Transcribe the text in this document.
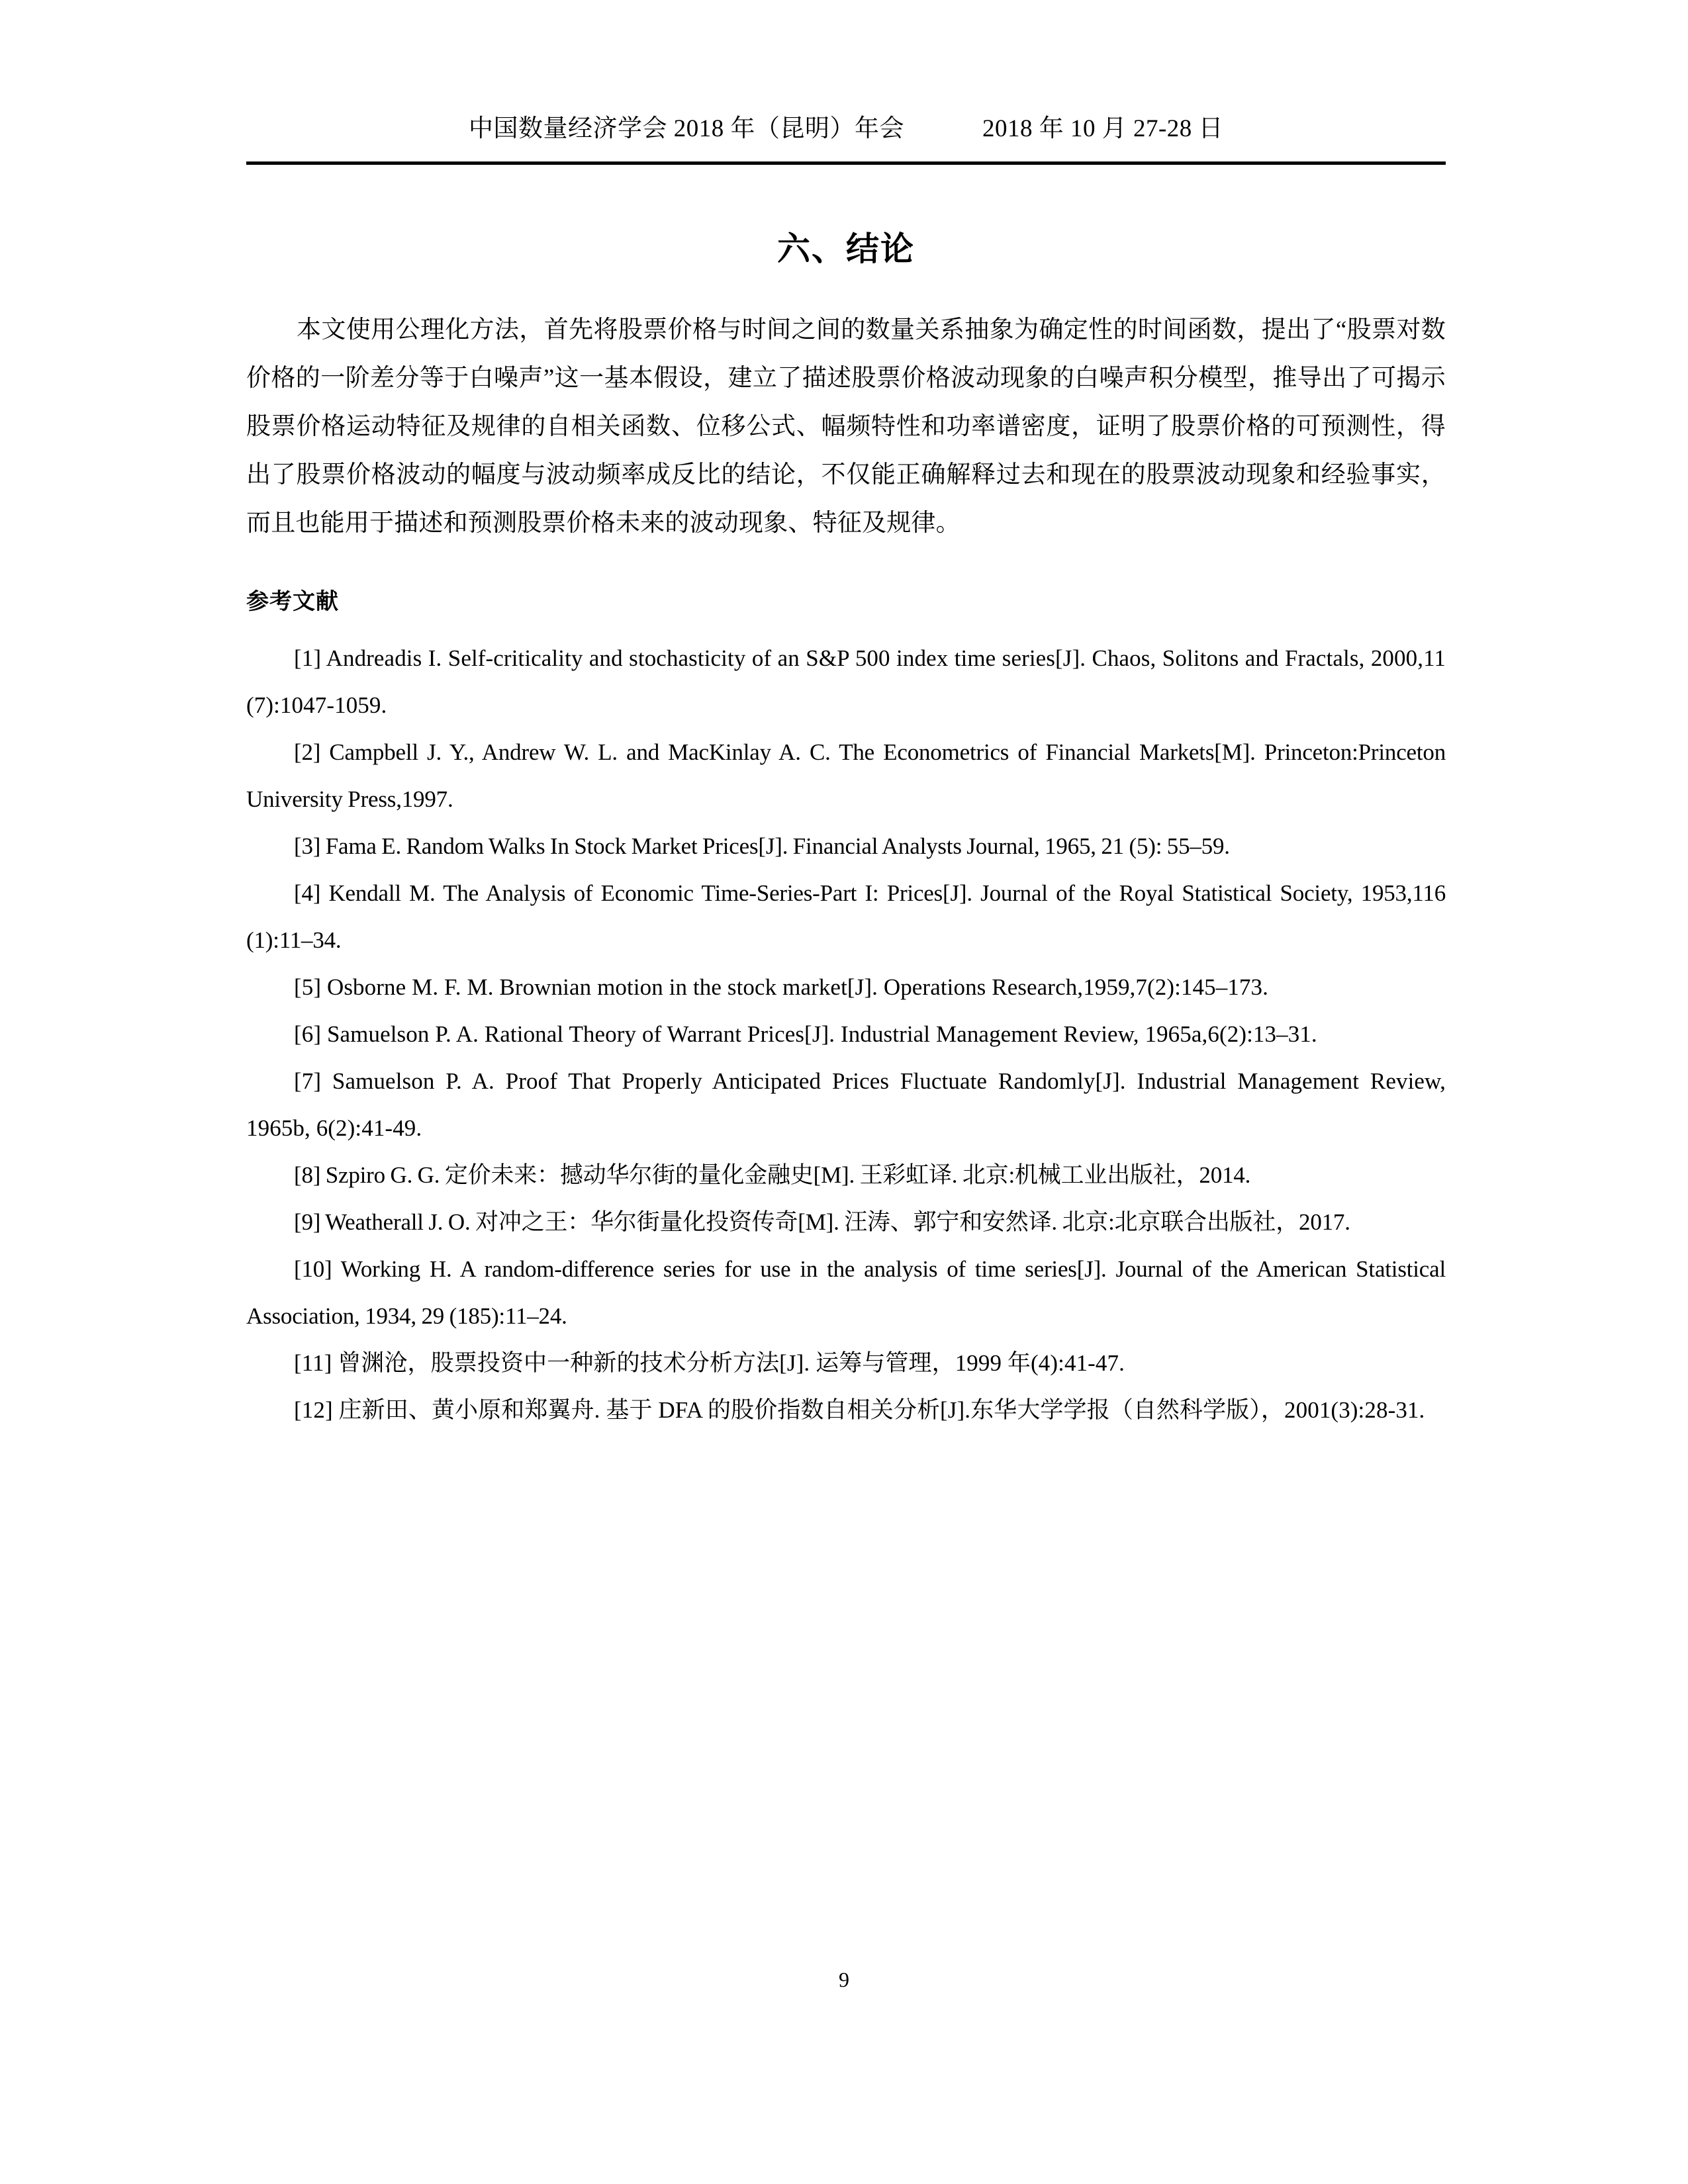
中国数量经济学会 2018 年（昆明）年会	2018 年 10 月 27-28 日
六、结论

本文使用公理化方法，首先将股票价格与时间之间的数量关系抽象为确定性的时间函数，提出了“股票对数价格的一阶差分等于白噪声”这一基本假设，建立了描述股票价格波动现象的白噪声积分模型，推导出了可揭示股票价格运动特征及规律的自相关函数、位移公式、幅频特性和功率谱密度，证明了股票价格的可预测性，得出了股票价格波动的幅度与波动频率成反比的结论，不仅能正确解释过去和现在的股票波动现象和经验事实，而且也能用于描述和预测股票价格未来的波动现象、特征及规律。

参考文献
[1] Andreadis I. Self-criticality and stochasticity of an S&P 500 index time series[J]. Chaos, Solitons and Fractals, 2000,11 (7):1047-1059.
[2] Campbell J. Y., Andrew W. L. and MacKinlay A. C. The Econometrics of Financial Markets[M]. Princeton:Princeton University Press,1997.
[3] Fama E. Random Walks In Stock Market Prices[J]. Financial Analysts Journal, 1965, 21 (5): 55–59.
[4] Kendall M. The Analysis of Economic Time-Series-Part I: Prices[J]. Journal of the Royal Statistical Society, 1953,116 (1):11–34.
[5] Osborne M. F. M. Brownian motion in the stock market[J]. Operations Research,1959,7(2):145–173.
[6] Samuelson P. A. Rational Theory of Warrant Prices[J]. Industrial Management Review, 1965a,6(2):13–31.
[7] Samuelson P. A. Proof That Properly Anticipated Prices Fluctuate Randomly[J]. Industrial Management Review, 1965b, 6(2):41-49.
[8] Szpiro G. G. 定价未来：撼动华尔街的量化金融史[M]. 王彩虹译. 北京:机械工业出版社，2014.
[9] Weatherall J. O. 对冲之王：华尔街量化投资传奇[M]. 汪涛、郭宁和安然译. 北京:北京联合出版社，2017.
[10] Working H. A random-difference series for use in the analysis of time series[J]. Journal of the American Statistical Association, 1934, 29 (185):11–24.
[11] 曾渊沧，股票投资中一种新的技术分析方法[J]. 运筹与管理，1999 年(4):41-47.
[12] 庄新田、黄小原和郑翼舟. 基于 DFA 的股价指数自相关分析[J].东华大学学报（自然科学版），2001(3):28-31.
9
